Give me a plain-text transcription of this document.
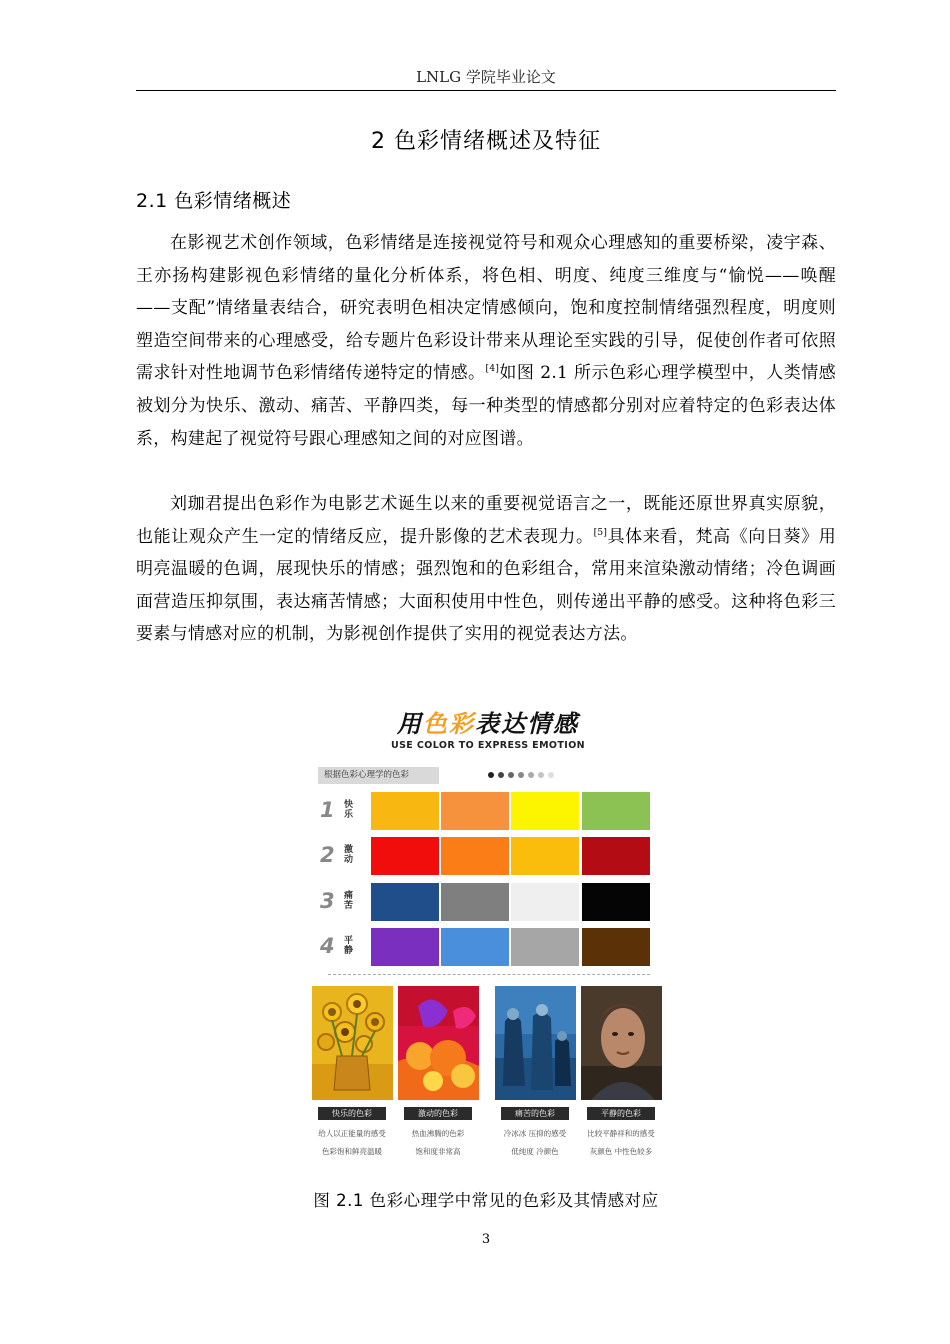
LNLG 学院毕业论文
2 色彩情绪概述及特征
2.1 色彩情绪概述
在影视艺术创作领域，色彩情绪是连接视觉符号和观众心理感知的重要桥梁，凌宇森、王亦扬构建影视色彩情绪的量化分析体系，将色相、明度、纯度三维度与“愉悦——唤醒——支配”情绪量表结合，研究表明色相决定情感倾向，饱和度控制情绪强烈程度，明度则塑造空间带来的心理感受，给专题片色彩设计带来从理论至实践的引导，促使创作者可依照需求针对性地调节色彩情绪传递特定的情感。[4]如图 2.1 所示色彩心理学模型中，人类情感被划分为快乐、激动、痛苦、平静四类，每一种类型的情感都分别对应着特定的色彩表达体系，构建起了视觉符号跟心理感知之间的对应图谱。
刘珈君提出色彩作为电影艺术诞生以来的重要视觉语言之一，既能还原世界真实原貌，也能让观众产生一定的情绪反应，提升影像的艺术表现力。[5]具体来看，梵高《向日葵》用明亮温暖的色调，展现快乐的情感；强烈饱和的色彩组合，常用来渲染激动情绪；冷色调画面营造压抑氛围，表达痛苦情感；大面积使用中性色，则传递出平静的感受。这种将色彩三要素与情感对应的机制，为影视创作提供了实用的视觉表达方法。
用色彩表达情感
USE COLOR TO EXPRESS EMOTION
根据色彩心理学的色彩
1 快乐
2 激动
3 痛苦
4 平静
快乐的色彩
给人以正能量的感受
色彩饱和鲜亮温暖
激动的色彩
热血沸腾的色彩
饱和度非常高
痛苦的色彩
冷冰冰 压抑的感受
低纯度 冷颜色
平静的色彩
比较平静祥和的感受
灰颜色 中性色较多
图 2.1 色彩心理学中常见的色彩及其情感对应
3
